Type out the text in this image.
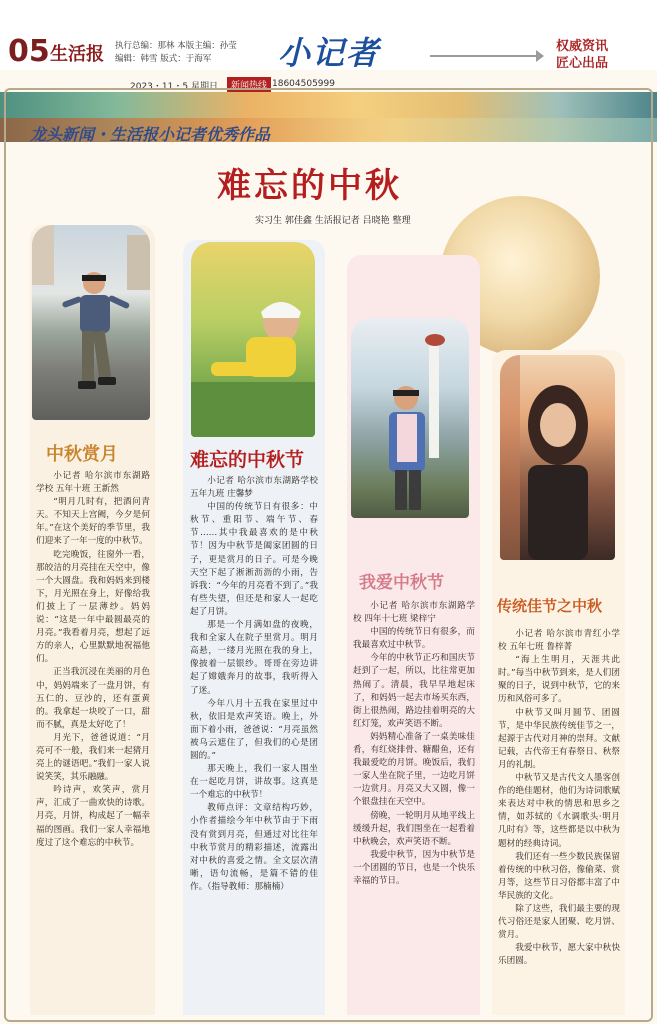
05 生活报 执行总编：那林 本版主编：孙莹
编辑：韩雪 版式：于海军	小记者	权威资讯
匠心出品
2023・11・5 星期日	新闻热线 18604505999
龙头新闻・生活报小记者优秀作品
难忘的中秋
实习生 郭佳鑫 生活报记者 吕晓艳 整理
中秋赏月	难忘的中秋节
我爱中秋节
传统佳节之中秋

小记者 哈尔滨市东湖路学校 五年十班 王新然

“明月几时有，把酒问青天。不知天上宫阙，今夕是何年。”在这个美好的季节里，我们迎来了一年一度的中秋节。

吃完晚饭，往窗外一看，那皎洁的月亮挂在天空中，像一个大圆盘。我和妈妈来到楼下，月光照在身上，好像给我们披上了一层薄纱。妈妈说：“这是一年中最圆最亮的月亮。”我看着月亮，想起了远方的亲人，心里默默地祝福他们。

正当我沉浸在美丽的月色中，妈妈端来了一盘月饼，有五仁的、豆沙的，还有蛋黄的。我拿起一块咬了一口，甜而不腻，真是太好吃了！

月光下，爸爸说道：“月亮可不一般，我们来一起猜月亮上的谜语吧。”我们一家人说说笑笑，其乐融融。

吟诗声，欢笑声，赏月声，汇成了一曲欢快的诗歌。月亮，月饼，构成起了一幅幸福的图画。我们一家人幸福地度过了这个难忘的中秋节。

小记者 哈尔滨市东湖路学校 五年九班 庄馨梦

中国的传统节日有很多：中秋节、重阳节、端午节、春节……其中我最喜欢的是中秋节！因为中秋节是阖家团圆的日子，更是赏月的日子。可是今晚天空下起了淅淅沥沥的小雨，告诉我：“今年的月亮看不到了。”我有些失望，但还是和家人一起吃起了月饼。

那是一个月满如盘的夜晚，我和全家人在院子里赏月。明月高悬，一缕月光照在我的身上，像披着一层银纱。哥哥在旁边讲起了嫦娥奔月的故事，我听得入了迷。

今年八月十五我在家里过中秋，依旧是欢声笑语。晚上，外面下着小雨，爸爸说：“月亮虽然被乌云遮住了，但我们的心是团圆的。”

那天晚上，我们一家人围坐在一起吃月饼，讲故事。这真是一个难忘的中秋节！

教师点评：文章结构巧妙，小作者描绘今年中秋节由于下雨没有赏到月亮，但通过对比往年中秋节赏月的精彩描述，流露出对中秋的喜爱之情。全文层次清晰，语句流畅，是篇不错的佳作。（指导教师：那楠楠）

小记者 哈尔滨市东湖路学校 四年十七班 梁梓宁

中国的传统节日有很多，而我最喜欢过中秋节。

今年的中秋节正巧和国庆节赶到了一起，所以，比往常更加热闹了。清晨，我早早地起床了，和妈妈一起去市场买东西，街上很热闹，路边挂着明亮的大红灯笼，欢声笑语不断。

妈妈精心准备了一桌美味佳肴，有红烧排骨、糖醋鱼，还有我最爱吃的月饼。晚饭后，我们一家人坐在院子里，一边吃月饼一边赏月。月亮又大又圆，像一个银盘挂在天空中。

傍晚，一轮明月从地平线上缓缓升起，我们围坐在一起看着中秋晚会，欢声笑语不断。

我爱中秋节，因为中秋节是一个团圆的节日，也是一个快乐幸福的节日。

小记者 哈尔滨市青红小学校 五年七班 鲁梓菁

“海上生明月，天涯共此时。”每当中秋节到来，是人们团聚的日子，说到中秋节，它的来历和风俗可多了。

中秋节又叫月圆节、团圆节，是中华民族传统佳节之一，起源于古代对月神的崇拜。文献记载，古代帝王有春祭日、秋祭月的礼制。

中秋节又是古代文人墨客创作的绝佳题材，他们为诗词歌赋来表达对中秋的情思和思乡之情，如苏轼的《水调歌头·明月几时有》等，这些都是以中秋为题材的经典诗词。

我们还有一些少数民族保留着传统的中秋习俗，像偷菜、赏月等，这些节日习俗都丰富了中华民族的文化。

除了这些，我们最主要的现代习俗还是家人团聚、吃月饼、赏月。

我爱中秋节，愿大家中秋快乐团圆。
